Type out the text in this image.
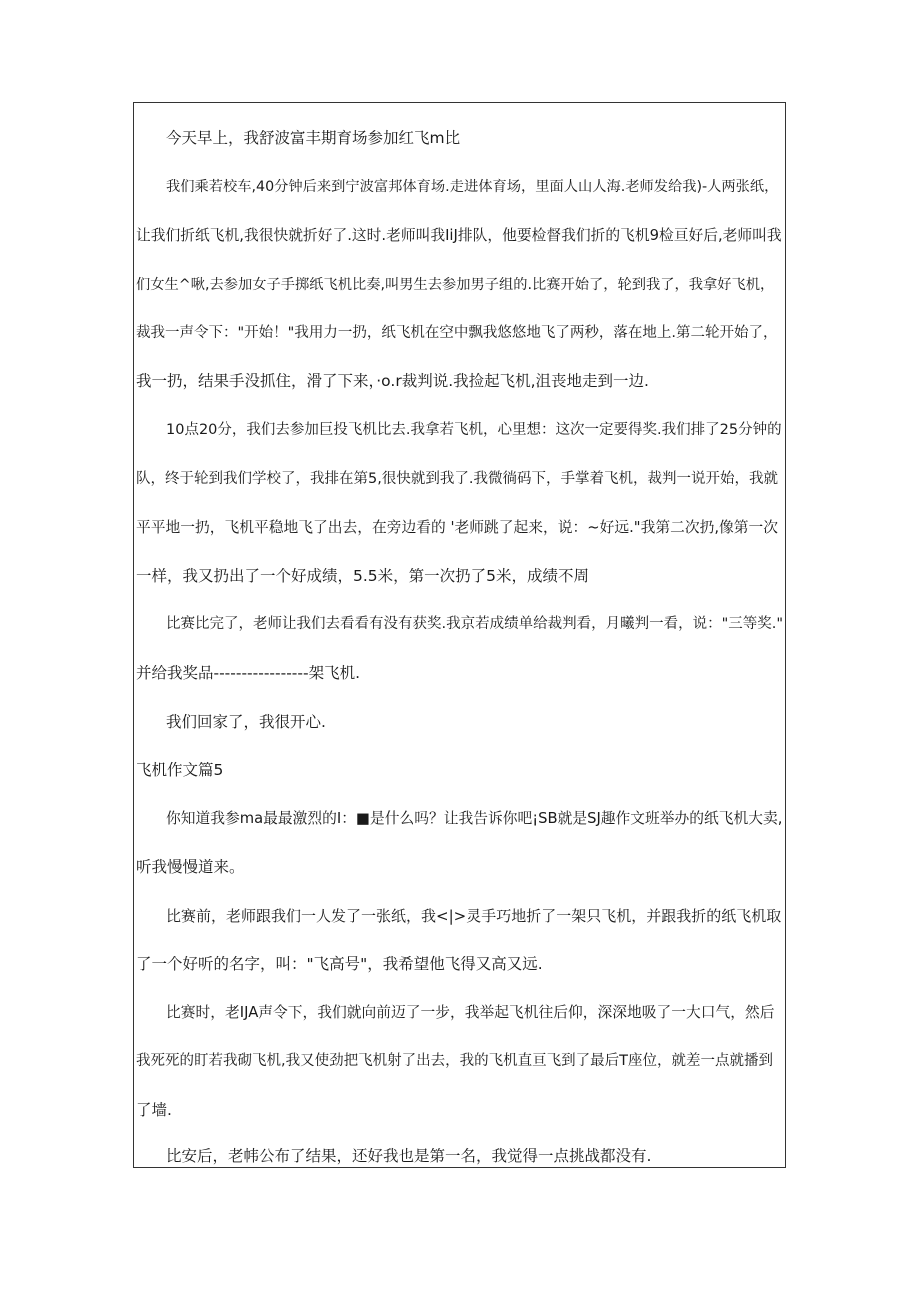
今天早上，我舒波富丰期育场参加红飞m比
我们乘若校车,40分钟后来到宁波富邦体育场.走进体育场，里面人山人海.老师发给我)-人两张纸，
让我们折纸飞机,我很快就折好了.这时.老师叫我IiJ排队，他要检督我们折的飞机9检亘好后,老师叫我
们女生^啾,去参加女子手掷纸飞机比奏,叫男生去参加男子组的.比赛开始了，轮到我了，我拿好飞机，
裁我一声令下："开始！"我用力一扔，纸飞机在空中飘我悠悠地飞了两秒，落在地上.第二轮开始了，
我一扔，结果手没抓住，滑了下来，·o.r裁判说.我捡起飞机,沮丧地走到一边.
10点20分，我们去参加巨投飞机比去.我拿若飞机，心里想：这次一定要得奖.我们排了25分钟的
队，终于轮到我们学校了，我排在第5,很快就到我了.我微徜码下，手掌着飞机，裁判一说开始，我就
平平地一扔，飞机平稳地飞了出去，在旁边看的 '老师跳了起来，说：~好远."我第二次扔,像第一次
一样，我又扔出了一个好成绩，5.5米，第一次扔了5米，成绩不周
比赛比完了，老师让我们去看看有没有获奖.我京若成绩单给裁判看，月曦判一看，说："三等奖."
并给我奖品-----------------架飞机.
我们回家了，我很开心.
飞机作文篇5
你知道我参ma最最激烈的I：■是什么吗？让我告诉你吧¡SB就是SJ趣作文班举办的纸飞机大卖,
听我慢慢道来。
比赛前，老师跟我们一人发了一张纸，我<|>灵手巧地折了一架只飞机，并跟我折的纸飞机取
了一个好听的名字，叫："飞高号"，我希望他飞得又高又远.
比赛时，老IJA声令下，我们就向前迈了一步，我举起飞机往后仰，深深地吸了一大口气，然后
我死死的盯若我砌飞机,我又使劲把飞机射了出去，我的飞机直亘飞到了最后T座位，就差一点就播到
了墙.
比安后，老帏公布了结果，还好我也是第一名，我觉得一点挑战都没有.
